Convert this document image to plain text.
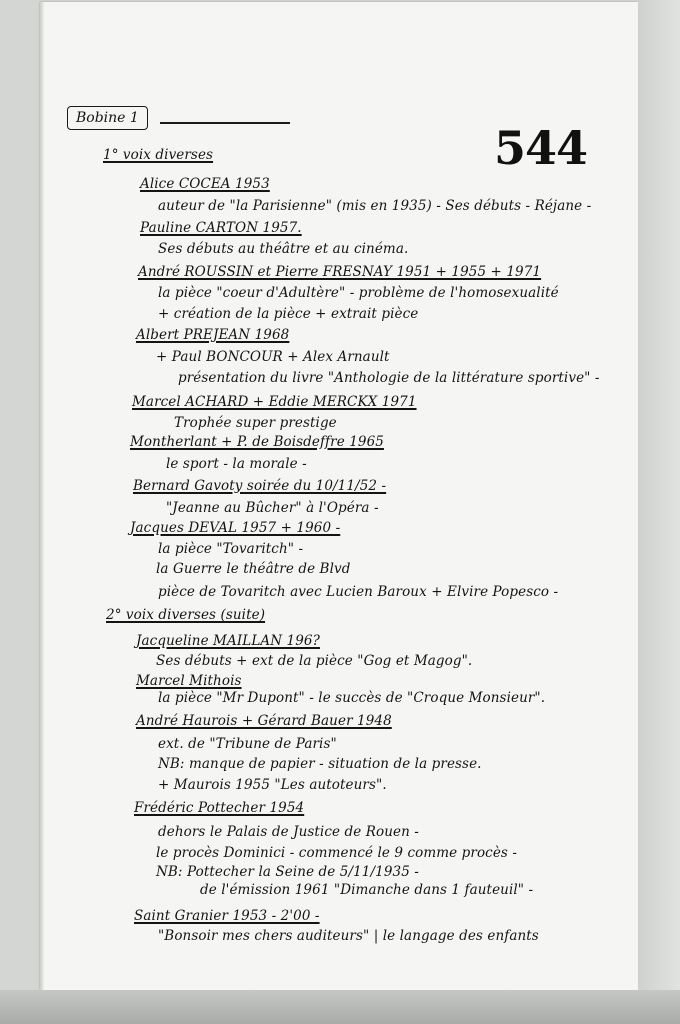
Bobine 1
544
1° voix diverses
Alice COCEA 1953
auteur de "la Parisienne" (mis en 1935) - Ses débuts - Réjane -
Pauline CARTON 1957.
Ses débuts au théâtre et au cinéma.
André ROUSSIN et Pierre FRESNAY 1951 + 1955 + 1971
la pièce "coeur d'Adultère" - problème de l'homosexualité
+ création de la pièce + extrait pièce
Albert PREJEAN 1968
+ Paul BONCOUR + Alex Arnault
présentation du livre "Anthologie de la littérature sportive" -
Marcel ACHARD + Eddie MERCKX 1971
Trophée super prestige
Montherlant + P. de Boisdeffre 1965
le sport - la morale -
Bernard Gavoty soirée du 10/11/52 -
"Jeanne au Bûcher" à l'Opéra -
Jacques DEVAL 1957 + 1960 -
la pièce "Tovaritch" -
la Guerre le théâtre de Blvd
pièce de Tovaritch avec Lucien Baroux + Elvire Popesco -
2° voix diverses (suite)
Jacqueline MAILLAN 196?
Ses débuts + ext de la pièce "Gog et Magog".
Marcel Mithois
la pièce "Mr Dupont" - le succès de "Croque Monsieur".
André Haurois + Gérard Bauer 1948
ext. de "Tribune de Paris"
NB: manque de papier - situation de la presse.
+ Maurois 1955 "Les autoteurs".
Frédéric Pottecher 1954
dehors le Palais de Justice de Rouen -
le procès Dominici - commencé le 9 comme procès -
NB: Pottecher la Seine de 5/11/1935 -
de l'émission 1961 "Dimanche dans 1 fauteuil" -
Saint Granier 1953 - 2'00 -
"Bonsoir mes chers auditeurs" | le langage des enfants
